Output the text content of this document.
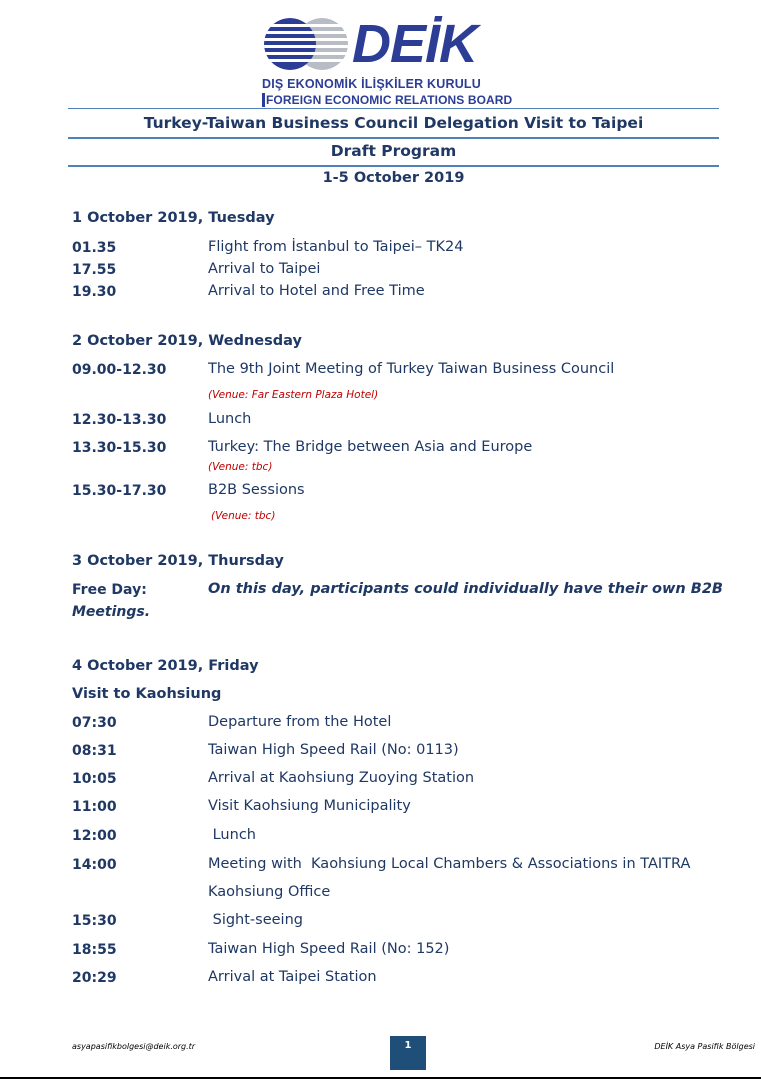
DEİK
DIŞ EKONOMİK İLİŞKİLER KURULU
FOREIGN ECONOMIC RELATIONS BOARD
Turkey-Taiwan Business Council Delegation Visit to Taipei
Draft Program
1-5 October 2019
1 October 2019, Tuesday
01.35	Flight from İstanbul to Taipei– TK24
17.55	Arrival to Taipei
19.30	Arrival to Hotel and Free Time
2 October 2019, Wednesday
09.00-12.30	The 9th Joint Meeting of Turkey Taiwan Business Council
(Venue: Far Eastern Plaza Hotel)
12.30-13.30	Lunch
13.30-15.30	Turkey: The Bridge between Asia and Europe
(Venue: tbc)
15.30-17.30	B2B Sessions
(Venue: tbc)
3 October 2019, Thursday
Free Day:	On this day, participants could individually have their own B2B
Meetings.
4 October 2019, Friday
Visit to Kaohsiung
07:30	Departure from the Hotel
08:31	Taiwan High Speed Rail (No: 0113)
10:05	Arrival at Kaohsiung Zuoying Station
11:00	Visit Kaohsiung Municipality
12:00	Lunch
14:00	Meeting with  Kaohsiung Local Chambers & Associations in TAITRA
Kaohsiung Office
15:30	Sight-seeing
18:55	Taiwan High Speed Rail (No: 152)
20:29	Arrival at Taipei Station
asyapasifikbolgesi@deik.org.tr	1	DEİK Asya Pasifik Bölgesi
